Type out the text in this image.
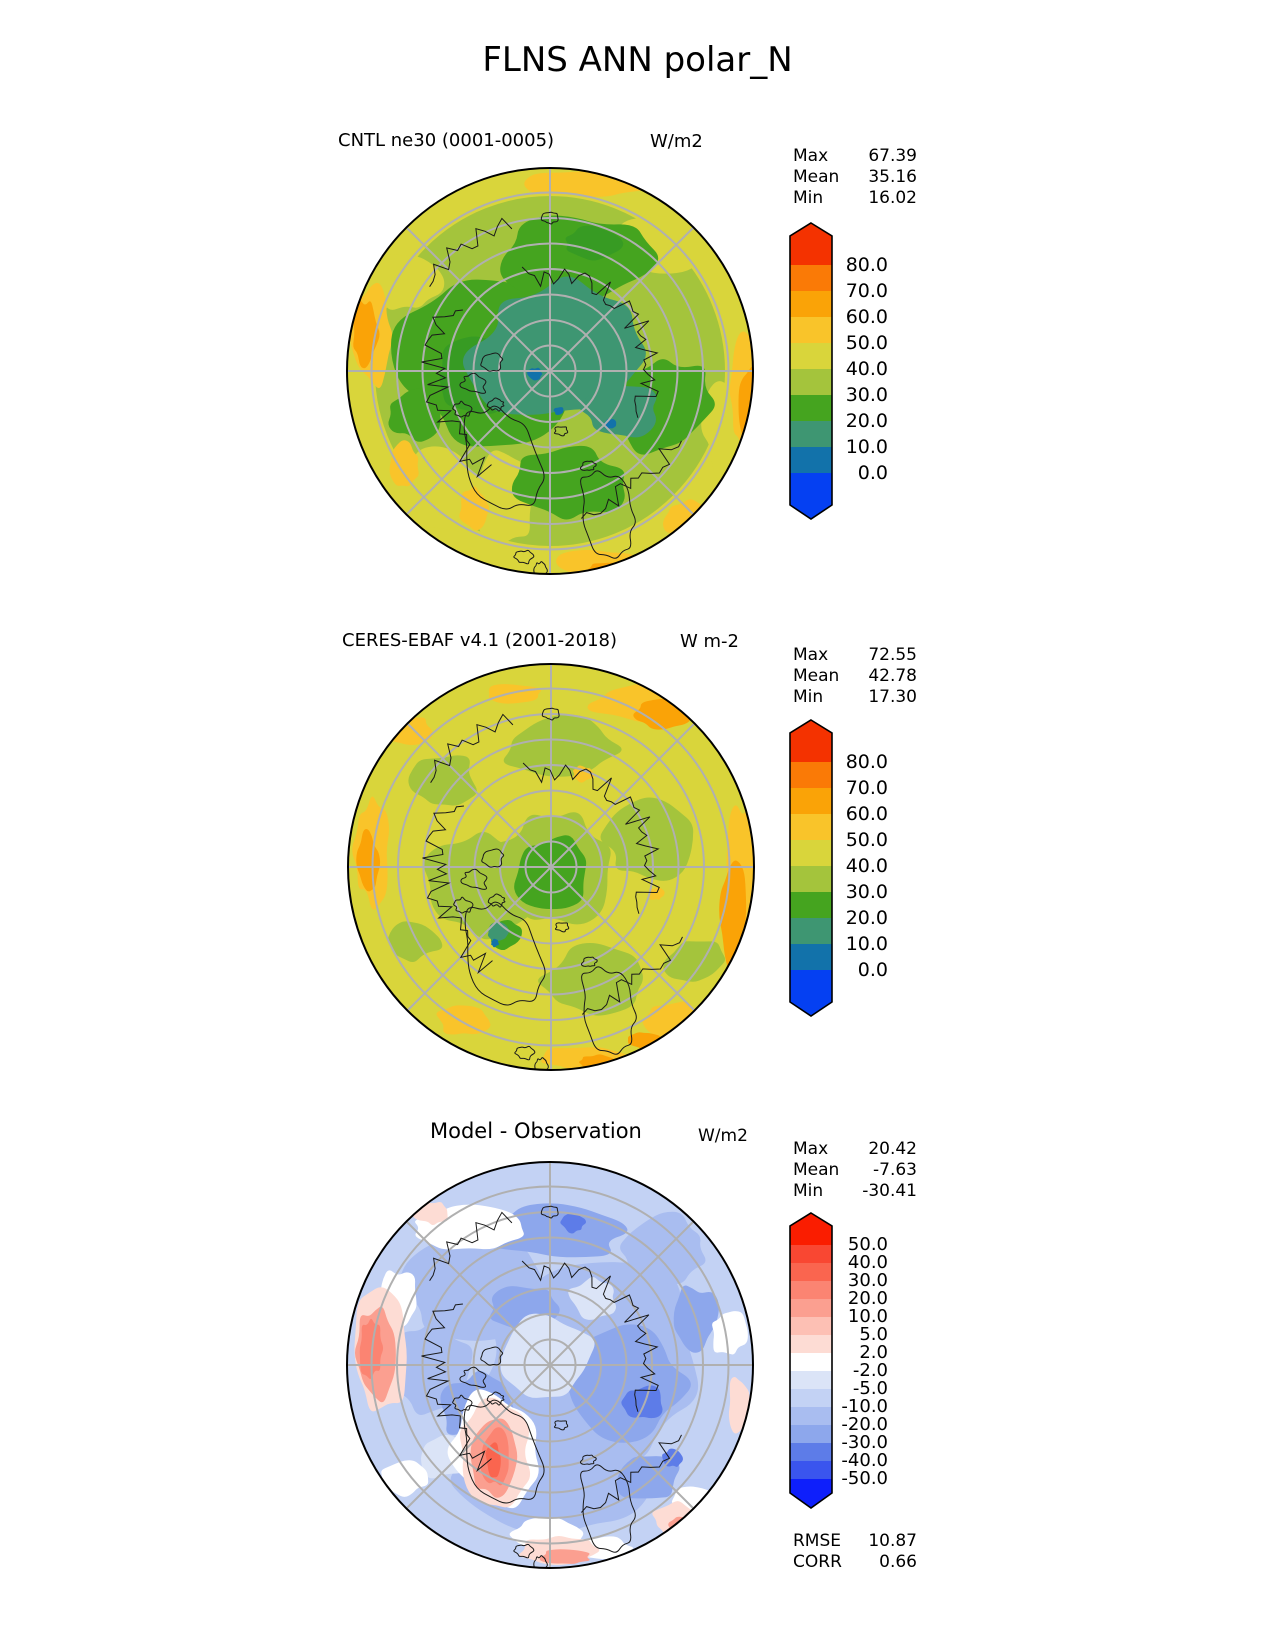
FLNS ANN polar_N
CNTL ne30 (0001-0005)	W/m2
Max 67.39
Mean 35.16
Min	16.02
80.0
70.0
60.0
50.0
40.0
30.0
20.0
10.0
0.0
CERES-EBAF v4.1 (2001-2018)	W m-2
Max 72.55
Mean 42.78
Min	17.30
80.0
70.0
60.0
50.0
40.0
30.0
20.0
10.0
0.0
Model - Observation	W/m2
Max 20.42
Mean -7.63
Min -30.41
50.0
40.0
30.0
20.0
10.0
5.0
2.0
-2.0
-5.0
-10.0
-20.0
-30.0
-40.0
-50.0
RMSE 10.87
CORR 0.66
